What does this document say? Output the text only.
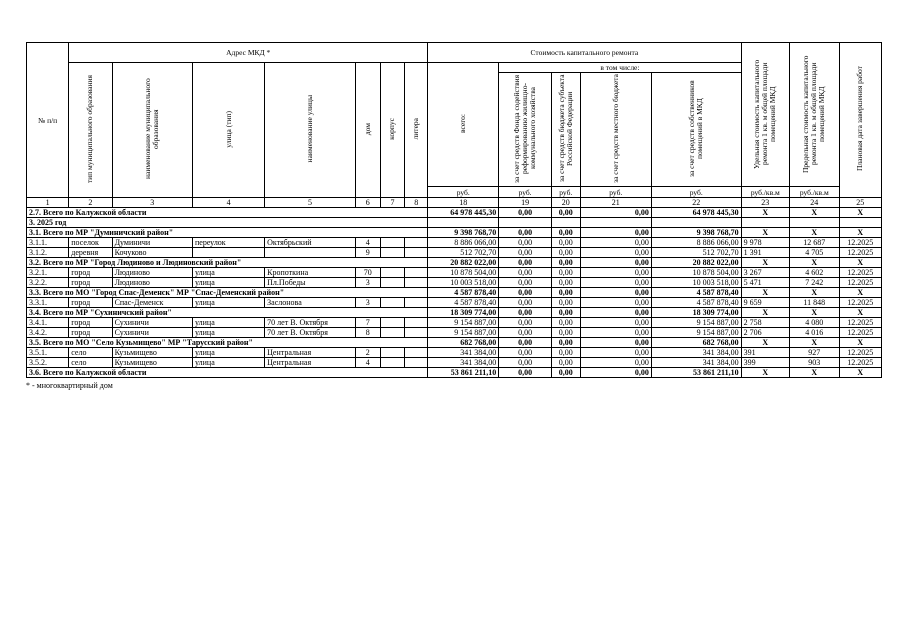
№ п/п	Адрес МКД *							Стоимость капитального ремонта					Удельная стоимость капитального ремонта 1 кв. м общей площади помещений МКД	Предельная стоимость капитального ремонта 1 кв. м общей площади помещений МКД	Плановая дата завершения работ
	тип муниципального образования	наименование муниципального образования	улица (тип)	наименование улицы	дом	корпус	литера	всего:	в том числе:						
									за счет средств Фонда содействия реформированию жилищно-коммунального хозяйства	за счет средств бюджета субъекта Российской Федерации	за счет средств местного бюджета	за счет средств собственников помещений в МКД			
								руб.	руб.	руб.	руб.	руб.	руб./кв.м	руб./кв.м	
1	2	3	4	5	6	7	8	18	19	20	21	22	23	24	25
2.7. Всего по Калужской области								64 978 445,30	0,00	0,00	0,00	64 978 445,30	X	X	X
3. 2025 год															
3.1. Всего по МР "Думиничский район"								9 398 768,70	0,00	0,00	0,00	9 398 768,70	X	X	X
3.1.1.	поселок	Думиничи	переулок	Октябрьский	4			8 886 066,00	0,00	0,00	0,00	8 886 066,00	9 978	12 687	12.2025
3.1.2.	деревня	Кочуково			9			512 702,70	0,00	0,00	0,00	512 702,70	1 391	4 705	12.2025
3.2. Всего по МР "Город Людиново и Людиновский район"								20 882 022,00	0,00	0,00	0,00	20 882 022,00	X	X	X
3.2.1.	город	Людиново	улица	Кропоткина	70			10 878 504,00	0,00	0,00	0,00	10 878 504,00	3 267	4 602	12.2025
3.2.2.	город	Людиново	улица	Пл.Победы	3			10 003 518,00	0,00	0,00	0,00	10 003 518,00	5 471	7 242	12.2025
3.3. Всего по МО "Город Спас-Деменск" МР "Спас-Деменский район"								4 587 878,40	0,00	0,00	0,00	4 587 878,40	X	X	X
3.3.1.	город	Спас-Деменск	улица	Заслонова	3			4 587 878,40	0,00	0,00	0,00	4 587 878,40	9 659	11 848	12.2025
3.4. Всего по МР "Сухиничский район"								18 309 774,00	0,00	0,00	0,00	18 309 774,00	X	X	X
3.4.1.	город	Сухиничи	улица	70 лет В. Октября	7			9 154 887,00	0,00	0,00	0,00	9 154 887,00	2 758	4 080	12.2025
3.4.2.	город	Сухиничи	улица	70 лет В. Октября	8			9 154 887,00	0,00	0,00	0,00	9 154 887,00	2 706	4 016	12.2025
3.5. Всего по МО "Село Кузьмищево" МР "Тарусский район"								682 768,00	0,00	0,00	0,00	682 768,00	X	X	X
3.5.1.	село	Кузьмищево	улица	Центральная	2			341 384,00	0,00	0,00	0,00	341 384,00	391	927	12.2025
3.5.2.	село	Кузьмищево	улица	Центральная	4			341 384,00	0,00	0,00	0,00	341 384,00	399	903	12.2025
3.6. Всего по Калужской области								53 861 211,10	0,00	0,00	0,00	53 861 211,10	X	X	X
* - многоквартирный дом
